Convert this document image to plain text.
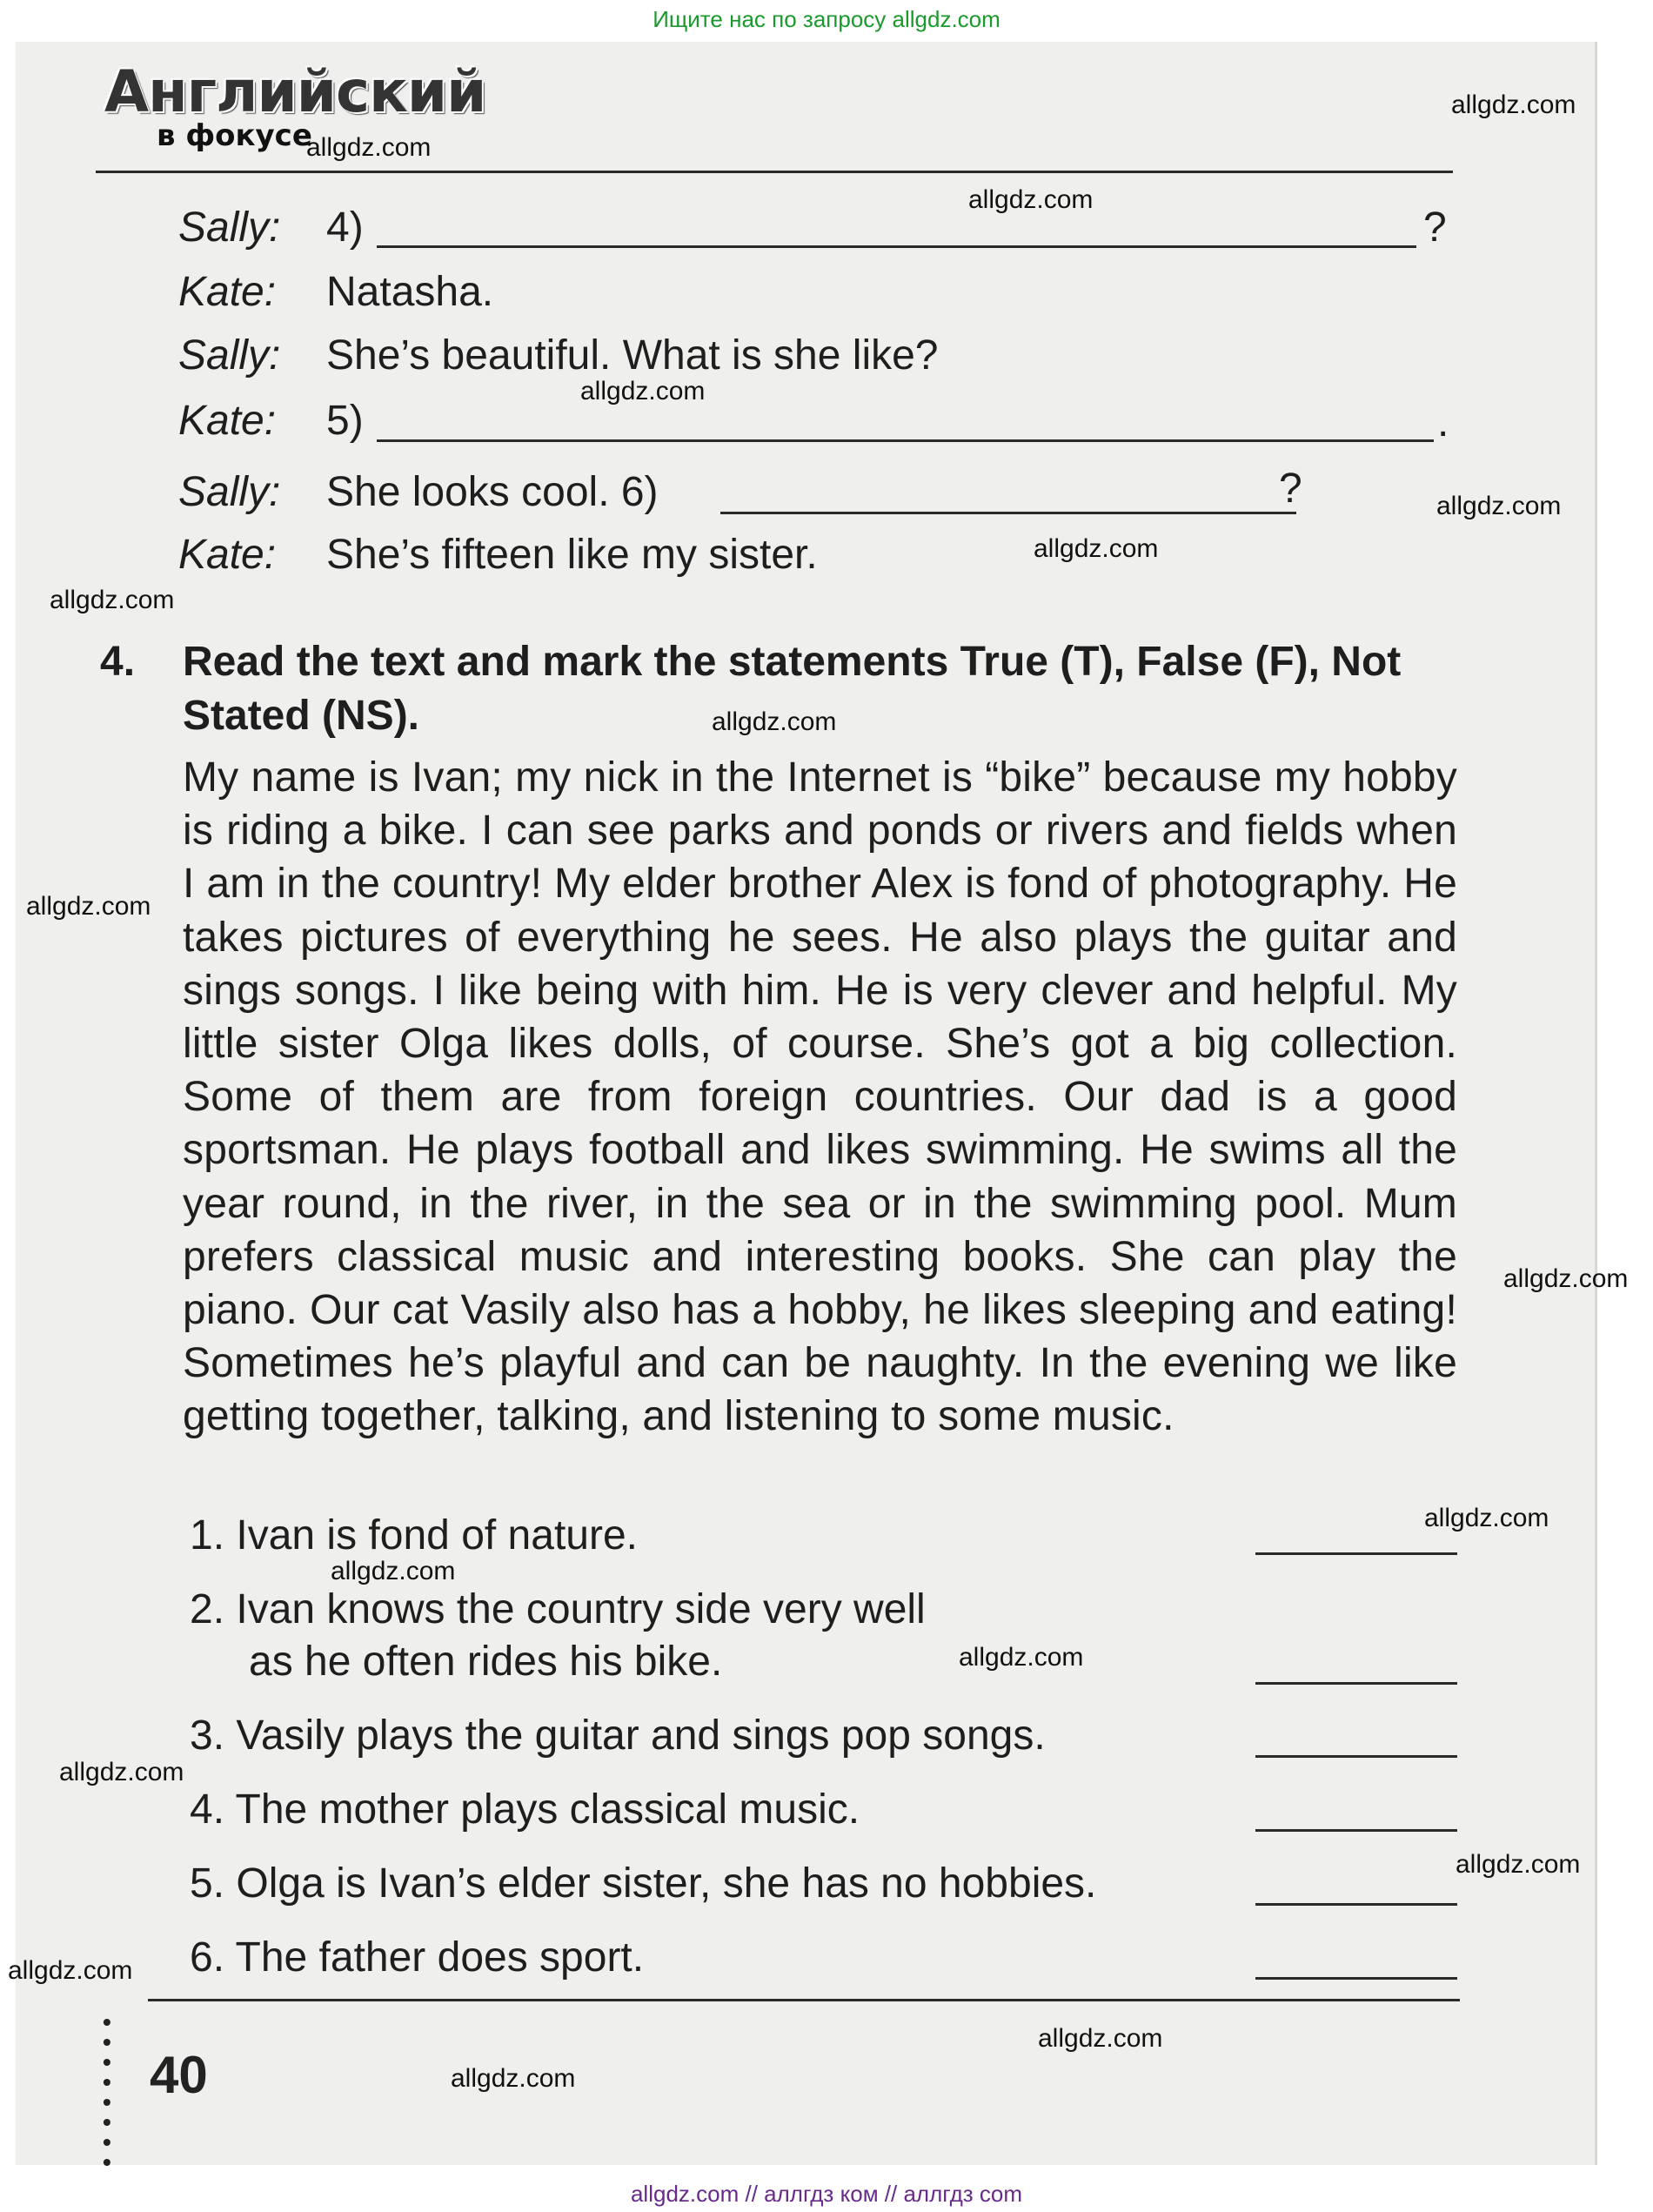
Ищите нас по запросу allgdz.com
Английский
в фокусе
Sally: 4)	?
Kate: Natasha.
Sally: She’s beautiful. What is she like?
Kate: 5)	.
Sally: She looks cool. 6)	?
Kate: She’s fifteen like my sister.
4. Read the text and mark the statements True (T), False (F), Not Stated (NS).
My name is Ivan; my nick in the Internet is “bike” because my hobby is riding a bike. I can see parks and ponds or rivers and fields when I am in the country! My elder brother Alex is fond of photography. He takes pictures of everything he sees. He also plays the guitar and sings songs. I like being with him. He is very clever and helpful. My little sister Olga likes dolls, of course. She’s got a big collection. Some of them are from foreign countries. Our dad is a good sportsman. He plays football and likes swimming. He swims all the year round, in the river, in the sea or in the swimming pool. Mum prefers classical music and interesting books. She can play the piano. Our cat Vasily also has a hobby, he likes sleeping and eating! Sometimes he’s playful and can be naughty. In the evening we like getting together, talking, and listening to some music.
1. Ivan is fond of nature.
2. Ivan knows the country side very well
as he often rides his bike.
3. Vasily plays the guitar and sings pop songs.
4. The mother plays classical music.
5. Olga is Ivan’s elder sister, she has no hobbies.
6. The father does sport.
•
•
•
•
•
•
•
•
40
allgdz.com
allgdz.com
allgdz.com
allgdz.com
allgdz.com
allgdz.com
allgdz.com
allgdz.com
allgdz.com
allgdz.com
allgdz.com
allgdz.com
allgdz.com
allgdz.com
allgdz.com
allgdz.com
allgdz.com
allgdz.com
allgdz.com // аллгдз ком // аллгдз com
